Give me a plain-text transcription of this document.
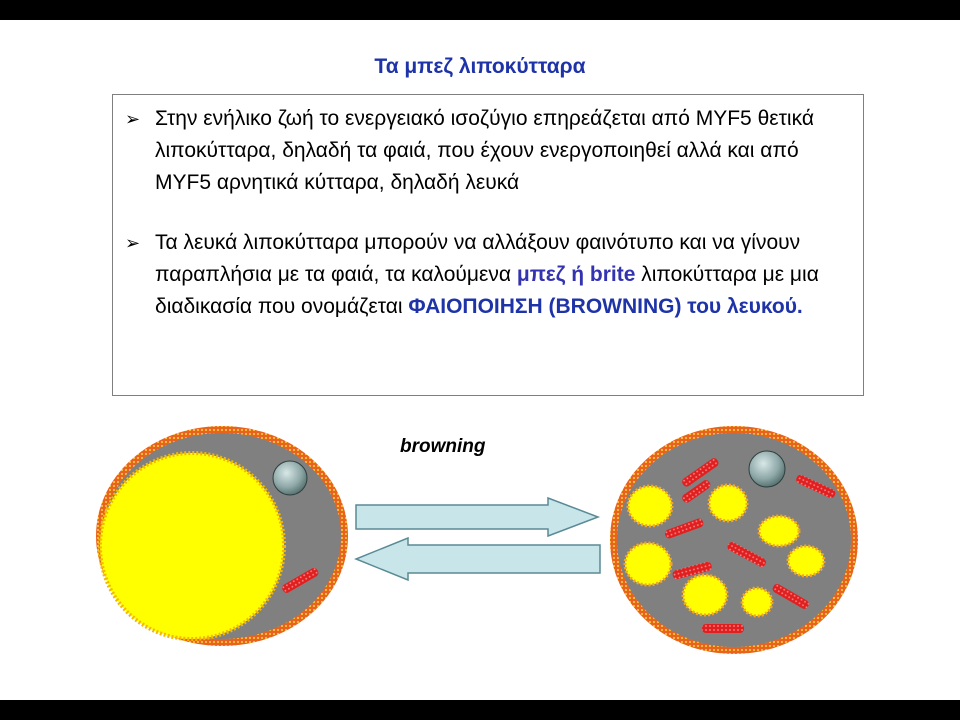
Τα μπεζ λιποκύτταρα

➢ Στην ενήλικο ζωή το ενεργειακό ισοζύγιο επηρεάζεται από MYF5 θετικά λιποκύτταρα, δηλαδή τα φαιά, που έχουν ενεργοποιηθεί αλλά και από MYF5 αρνητικά κύτταρα, δηλαδή λευκά

➢ Τα λευκά λιποκύτταρα μπορούν να αλλάξουν φαινότυπο και να γίνουν παραπλήσια με τα φαιά, τα καλούμενα μπεζ ή brite λιποκύτταρα με μια διαδικασία που ονομάζεται ΦΑΙΟΠΟΙΗΣΗ (BROWNING) του λευκού.

browning
